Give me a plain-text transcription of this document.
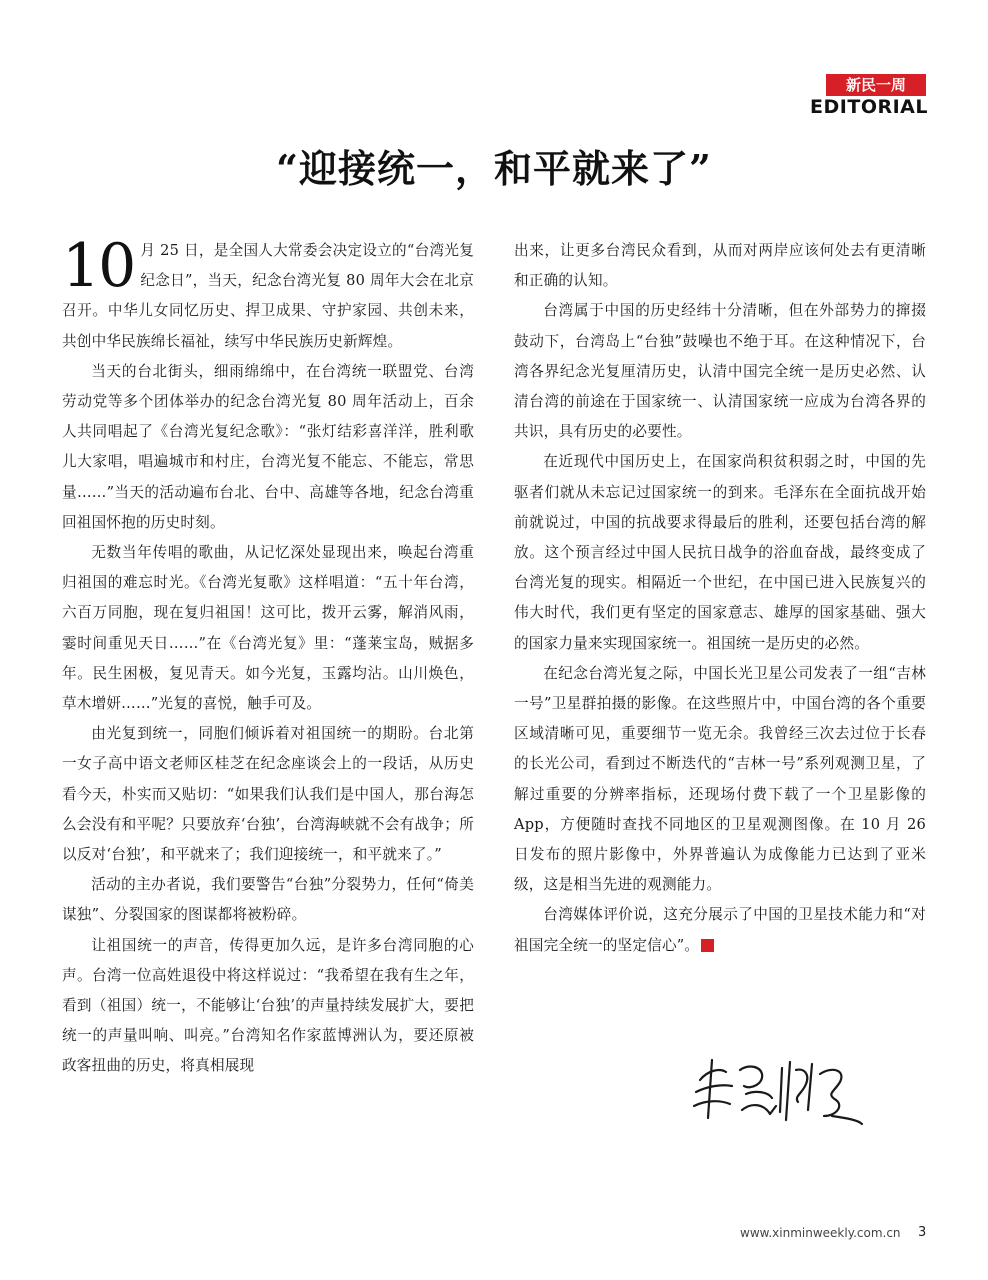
新民一周
EDITORIAL
“迎接统一，和平就来了”

10 月 25 日，是全国人大常委会决定设立的“台湾光复纪念日”，当天，纪念台湾光复 80 周年大会在北京召开。中华儿女同忆历史、捍卫成果、守护家园、共创未来，共创中华民族绵长福祉，续写中华民族历史新辉煌。

当天的台北街头，细雨绵绵中，在台湾统一联盟党、台湾劳动党等多个团体举办的纪念台湾光复 80 周年活动上，百余人共同唱起了《台湾光复纪念歌》：“张灯结彩喜洋洋，胜利歌儿大家唱，唱遍城市和村庄，台湾光复不能忘、不能忘，常思量……”当天的活动遍布台北、台中、高雄等各地，纪念台湾重回祖国怀抱的历史时刻。

无数当年传唱的歌曲，从记忆深处显现出来，唤起台湾重归祖国的难忘时光。《台湾光复歌》这样唱道：“五十年台湾，六百万同胞，现在复归祖国！这可比，拨开云雾，解消风雨，霎时间重见天日……”在《台湾光复》里：“蓬莱宝岛，贼据多年。民生困极，复见青天。如今光复，玉露均沾。山川焕色，草木增妍……”光复的喜悦，触手可及。

由光复到统一，同胞们倾诉着对祖国统一的期盼。台北第一女子高中语文老师区桂芝在纪念座谈会上的一段话，从历史看今天，朴实而又贴切：“如果我们认我们是中国人，那台海怎么会没有和平呢？只要放弃‘台独’，台湾海峡就不会有战争；所以反对‘台独’，和平就来了；我们迎接统一，和平就来了。”

活动的主办者说，我们要警告“台独”分裂势力，任何“倚美谋独”、分裂国家的图谋都将被粉碎。

让祖国统一的声音，传得更加久远，是许多台湾同胞的心声。台湾一位高姓退役中将这样说过：“我希望在我有生之年，看到（祖国）统一，不能够让‘台独’的声量持续发展扩大，要把统一的声量叫响、叫亮。”台湾知名作家蓝博洲认为，要还原被政客扭曲的历史，将真相展现

出来，让更多台湾民众看到，从而对两岸应该何处去有更清晰和正确的认知。

台湾属于中国的历史经纬十分清晰，但在外部势力的撺掇鼓动下，台湾岛上“台独”鼓噪也不绝于耳。在这种情况下，台湾各界纪念光复厘清历史，认清中国完全统一是历史必然、认清台湾的前途在于国家统一、认清国家统一应成为台湾各界的共识，具有历史的必要性。

在近现代中国历史上，在国家尚积贫积弱之时，中国的先驱者们就从未忘记过国家统一的到来。毛泽东在全面抗战开始前就说过，中国的抗战要求得最后的胜利，还要包括台湾的解放。这个预言经过中国人民抗日战争的浴血奋战，最终变成了台湾光复的现实。相隔近一个世纪，在中国已进入民族复兴的伟大时代，我们更有坚定的国家意志、雄厚的国家基础、强大的国家力量来实现国家统一。祖国统一是历史的必然。

在纪念台湾光复之际，中国长光卫星公司发表了一组“吉林一号”卫星群拍摄的影像。在这些照片中，中国台湾的各个重要区域清晰可见，重要细节一览无余。我曾经三次去过位于长春的长光公司，看到过不断迭代的“吉林一号”系列观测卫星，了解过重要的分辨率指标，还现场付费下载了一个卫星影像的 App，方便随时查找不同地区的卫星观测图像。在 10 月 26 日发布的照片影像中，外界普遍认为成像能力已达到了亚米级，这是相当先进的观测能力。

台湾媒体评价说，这充分展示了中国的卫星技术能力和“对祖国完全统一的坚定信心”。	民

www.xinminweekly.com.cn 3
